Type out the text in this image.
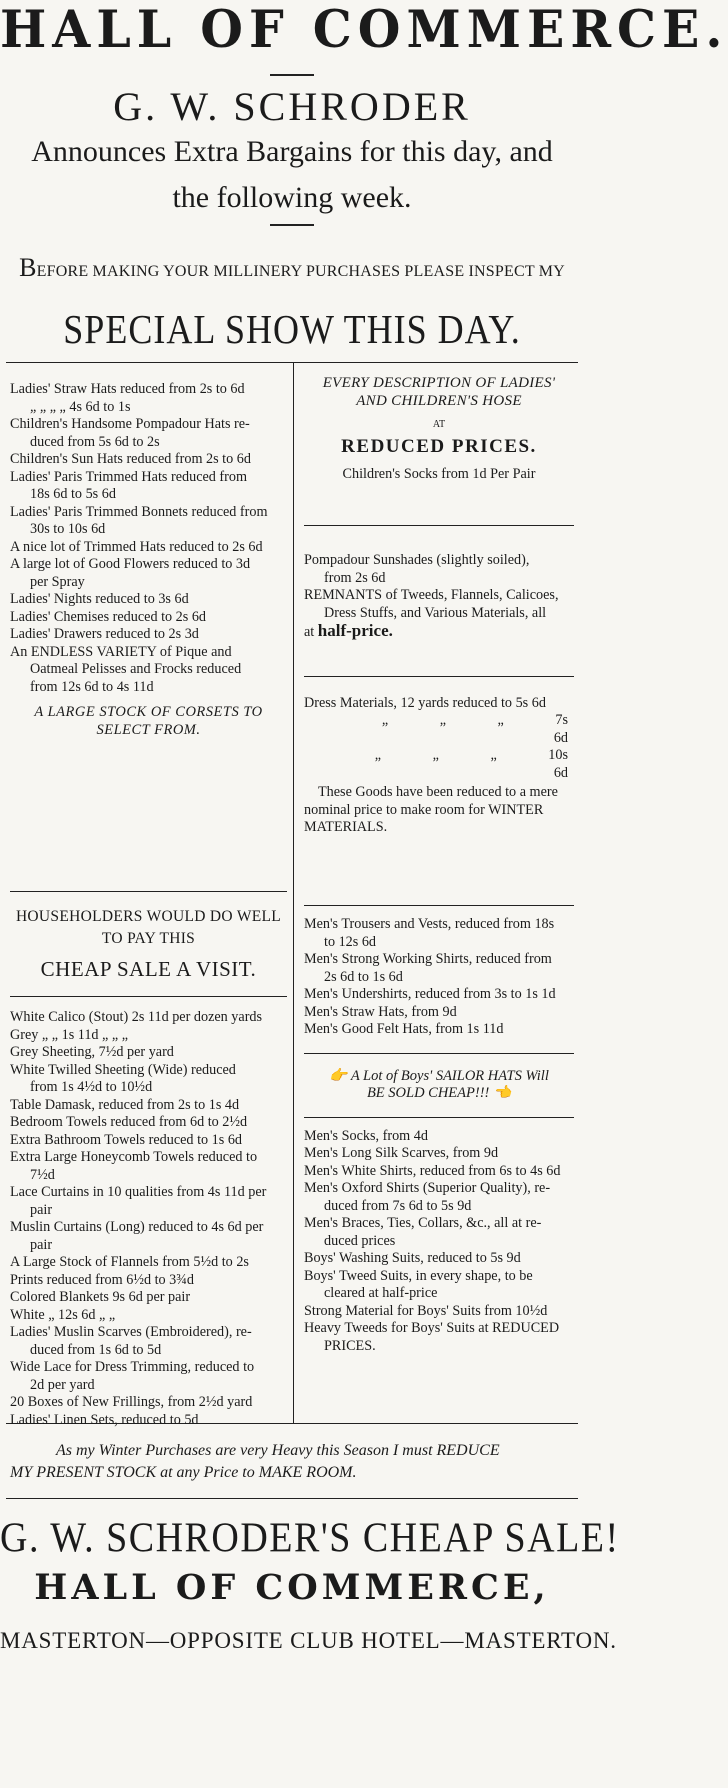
HALL OF COMMERCE.
G. W. SCHRODER
Announces Extra Bargains for this day, and
the following week.
BEFORE MAKING YOUR MILLINERY PURCHASES PLEASE INSPECT MY
SPECIAL SHOW THIS DAY.
Ladies' Straw Hats reduced from 2s to 6d
„ „ „ „ 4s 6d to 1s
Children's Handsome Pompadour Hats re-
duced from 5s 6d to 2s
Children's Sun Hats reduced from 2s to 6d
Ladies' Paris Trimmed Hats reduced from
18s 6d to 5s 6d
Ladies' Paris Trimmed Bonnets reduced from
30s to 10s 6d
A nice lot of Trimmed Hats reduced to 2s 6d
A large lot of Good Flowers reduced to 3d
per Spray
Ladies' Nights reduced to 3s 6d
Ladies' Chemises reduced to 2s 6d
Ladies' Drawers reduced to 2s 3d
An ENDLESS VARIETY of Pique and
Oatmeal Pelisses and Frocks reduced
from 12s 6d to 4s 11d
A LARGE STOCK OF CORSETS TO
SELECT FROM.
EVERY DESCRIPTION OF LADIES'
AND CHILDREN'S HOSE
AT
REDUCED PRICES.
Children's Socks from 1d Per Pair
Pompadour Sunshades (slightly soiled),
from 2s 6d
REMNANTS of Tweeds, Flannels, Calicoes,
Dress Stuffs, and Various Materials, all
at half-price.
Dress Materials, 12 yards reduced to 5s 6d
„ „ „ 7s 6d
„ „ „ 10s 6d
These Goods have been reduced to a mere
nominal price to make room for WINTER
MATERIALS.
HOUSEHOLDERS WOULD DO WELL
TO PAY THIS
CHEAP SALE A VISIT.
White Calico (Stout) 2s 11d per dozen yards
Grey „ „ 1s 11d „ „ „
Grey Sheeting, 7½d per yard
White Twilled Sheeting (Wide) reduced
from 1s 4½d to 10½d
Table Damask, reduced from 2s to 1s 4d
Bedroom Towels reduced from 6d to 2½d
Extra Bathroom Towels reduced to 1s 6d
Extra Large Honeycomb Towels reduced to
7½d
Lace Curtains in 10 qualities from 4s 11d per
pair
Muslin Curtains (Long) reduced to 4s 6d per
pair
A Large Stock of Flannels from 5½d to 2s
Prints reduced from 6½d to 3¾d
Colored Blankets 9s 6d per pair
White „ 12s 6d „ „
Ladies' Muslin Scarves (Embroidered), re-
duced from 1s 6d to 5d
Wide Lace for Dress Trimming, reduced to
2d per yard
20 Boxes of New Frillings, from 2½d yard
Ladies' Linen Sets, reduced to 5d
Men's Trousers and Vests, reduced from 18s
to 12s 6d
Men's Strong Working Shirts, reduced from
2s 6d to 1s 6d
Men's Undershirts, reduced from 3s to 1s 1d
Men's Straw Hats, from 9d
Men's Good Felt Hats, from 1s 11d
👉 A Lot of Boys' SAILOR HATS Will
BE SOLD CHEAP!!! 👈
Men's Socks, from 4d
Men's Long Silk Scarves, from 9d
Men's White Shirts, reduced from 6s to 4s 6d
Men's Oxford Shirts (Superior Quality), re-
duced from 7s 6d to 5s 9d
Men's Braces, Ties, Collars, &c., all at re-
duced prices
Boys' Washing Suits, reduced to 5s 9d
Boys' Tweed Suits, in every shape, to be
cleared at half-price
Strong Material for Boys' Suits from 10½d
Heavy Tweeds for Boys' Suits at REDUCED
PRICES.
As my Winter Purchases are very Heavy this Season I must REDUCE
MY PRESENT STOCK at any Price to MAKE ROOM.
G. W. SCHRODER'S CHEAP SALE!
HALL OF COMMERCE,
MASTERTON—OPPOSITE CLUB HOTEL—MASTERTON.
